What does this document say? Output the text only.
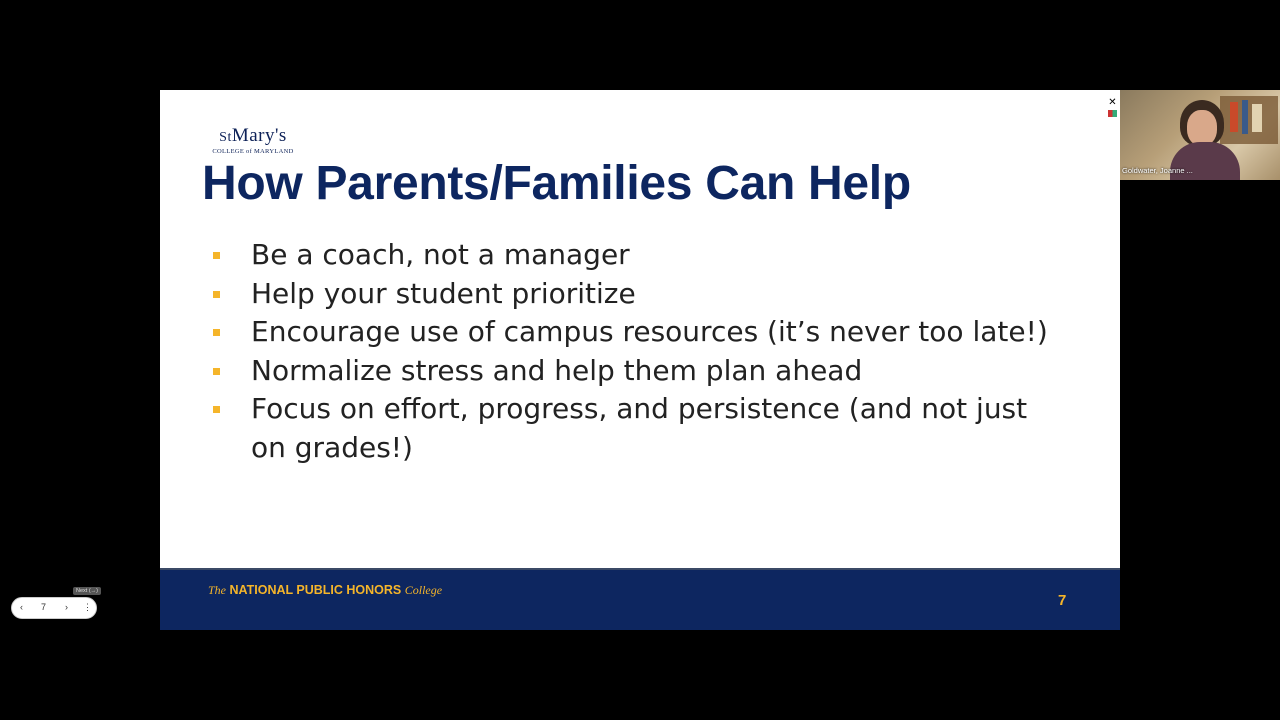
StMary's
COLLEGE of MARYLAND
How Parents/Families Can Help
Be a coach, not a manager
Help your student prioritize
Encourage use of campus resources (it’s never too late!)
Normalize stress and help them plan ahead
Focus on effort, progress, and persistence (and not just on grades!)
The NATIONAL PUBLIC HONORS College
7
Goldwater, Joanne ...
✕
Next (→)
‹ 7 › ⋮
